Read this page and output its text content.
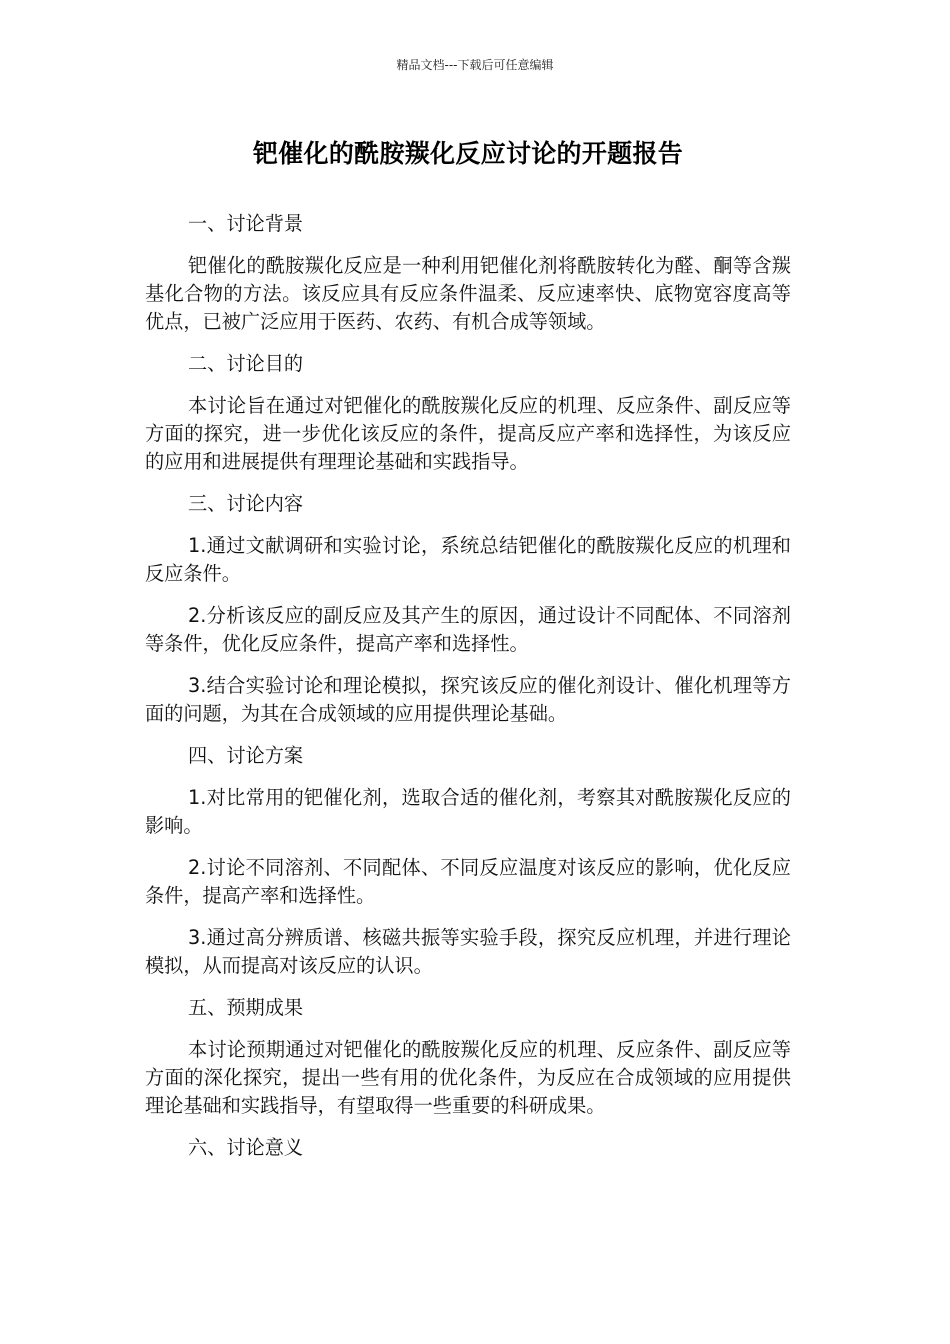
精品文档---下载后可任意编辑
钯催化的酰胺羰化反应讨论的开题报告

一、讨论背景

钯催化的酰胺羰化反应是一种利用钯催化剂将酰胺转化为醛、酮等含羰基化合物的方法。该反应具有反应条件温柔、反应速率快、底物宽容度高等优点，已被广泛应用于医药、农药、有机合成等领域。

二、讨论目的

本讨论旨在通过对钯催化的酰胺羰化反应的机理、反应条件、副反应等方面的探究，进一步优化该反应的条件，提高反应产率和选择性，为该反应的应用和进展提供有理理论基础和实践指导。

三、讨论内容

1.通过文献调研和实验讨论，系统总结钯催化的酰胺羰化反应的机理和反应条件。

2.分析该反应的副反应及其产生的原因，通过设计不同配体、不同溶剂等条件，优化反应条件，提高产率和选择性。

3.结合实验讨论和理论模拟，探究该反应的催化剂设计、催化机理等方面的问题，为其在合成领域的应用提供理论基础。

四、讨论方案

1.对比常用的钯催化剂，选取合适的催化剂，考察其对酰胺羰化反应的影响。

2.讨论不同溶剂、不同配体、不同反应温度对该反应的影响，优化反应条件，提高产率和选择性。

3.通过高分辨质谱、核磁共振等实验手段，探究反应机理，并进行理论模拟，从而提高对该反应的认识。

五、预期成果

本讨论预期通过对钯催化的酰胺羰化反应的机理、反应条件、副反应等方面的深化探究，提出一些有用的优化条件，为反应在合成领域的应用提供理论基础和实践指导，有望取得一些重要的科研成果。

六、讨论意义
